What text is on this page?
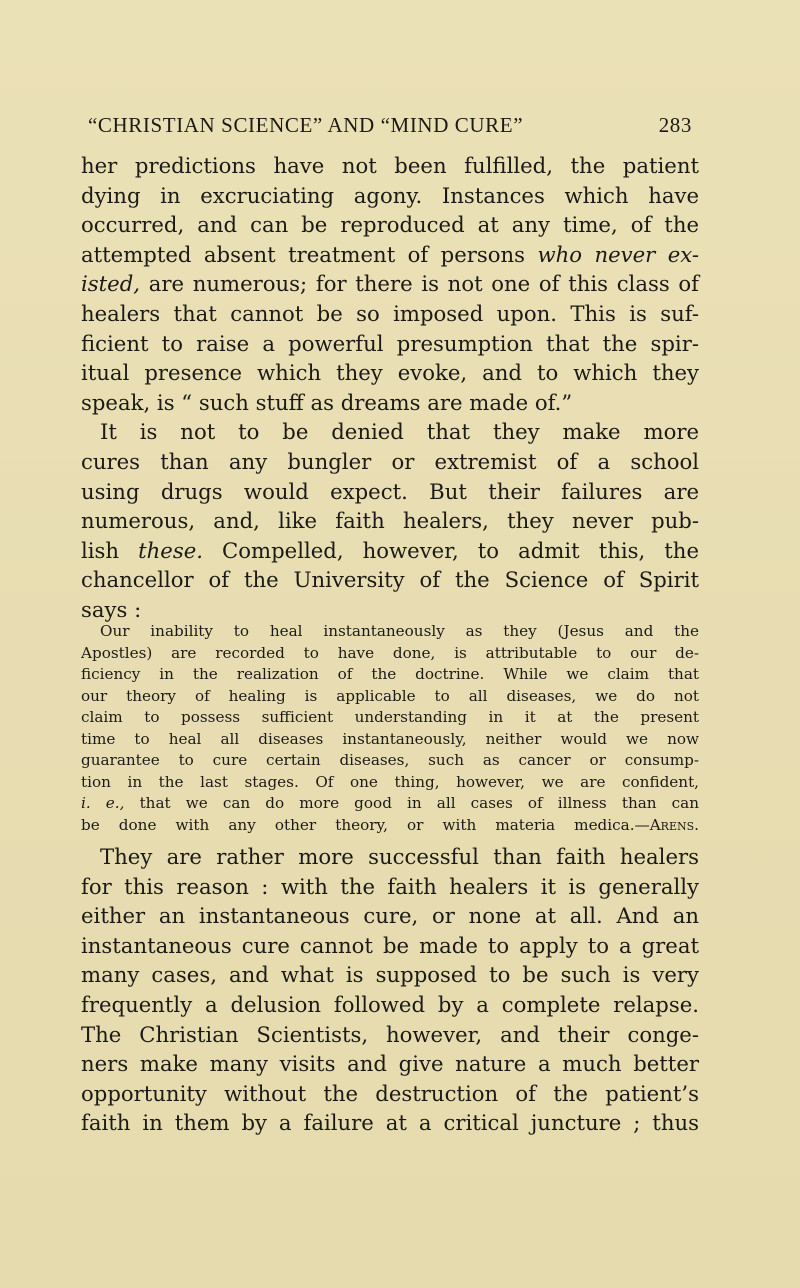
“CHRISTIAN SCIENCE” AND “MIND CURE”	283
her predictions have not been fulfilled, the patient
dying in excruciating agony. Instances which have
occurred, and can be reproduced at any time, of the
attempted absent treatment of persons who never ex-
isted, are numerous; for there is not one of this class of
healers that cannot be so imposed upon. This is suf-
ficient to raise a powerful presumption that the spir-
itual presence which they evoke, and to which they
speak, is “ such stuff as dreams are made of.”
It is not to be denied that they make more
cures than any bungler or extremist of a school
using drugs would expect. But their failures are
numerous, and, like faith healers, they never pub-
lish these. Compelled, however, to admit this, the
chancellor of the University of the Science of Spirit
says :
Our inability to heal instantaneously as they (Jesus and the
Apostles) are recorded to have done, is attributable to our de-
ficiency in the realization of the doctrine. While we claim that
our theory of healing is applicable to all diseases, we do not
claim to possess sufficient understanding in it at the present
time to heal all diseases instantaneously, neither would we now
guarantee to cure certain diseases, such as cancer or consump-
tion in the last stages. Of one thing, however, we are confident,
i. e., that we can do more good in all cases of illness than can
be done with any other theory, or with materia medica.—Arens.
They are rather more successful than faith healers
for this reason : with the faith healers it is generally
either an instantaneous cure, or none at all. And an
instantaneous cure cannot be made to apply to a great
many cases, and what is supposed to be such is very
frequently a delusion followed by a complete relapse.
The Christian Scientists, however, and their conge-
ners make many visits and give nature a much better
opportunity without the destruction of the patient’s
faith in them by a failure at a critical juncture ; thus
